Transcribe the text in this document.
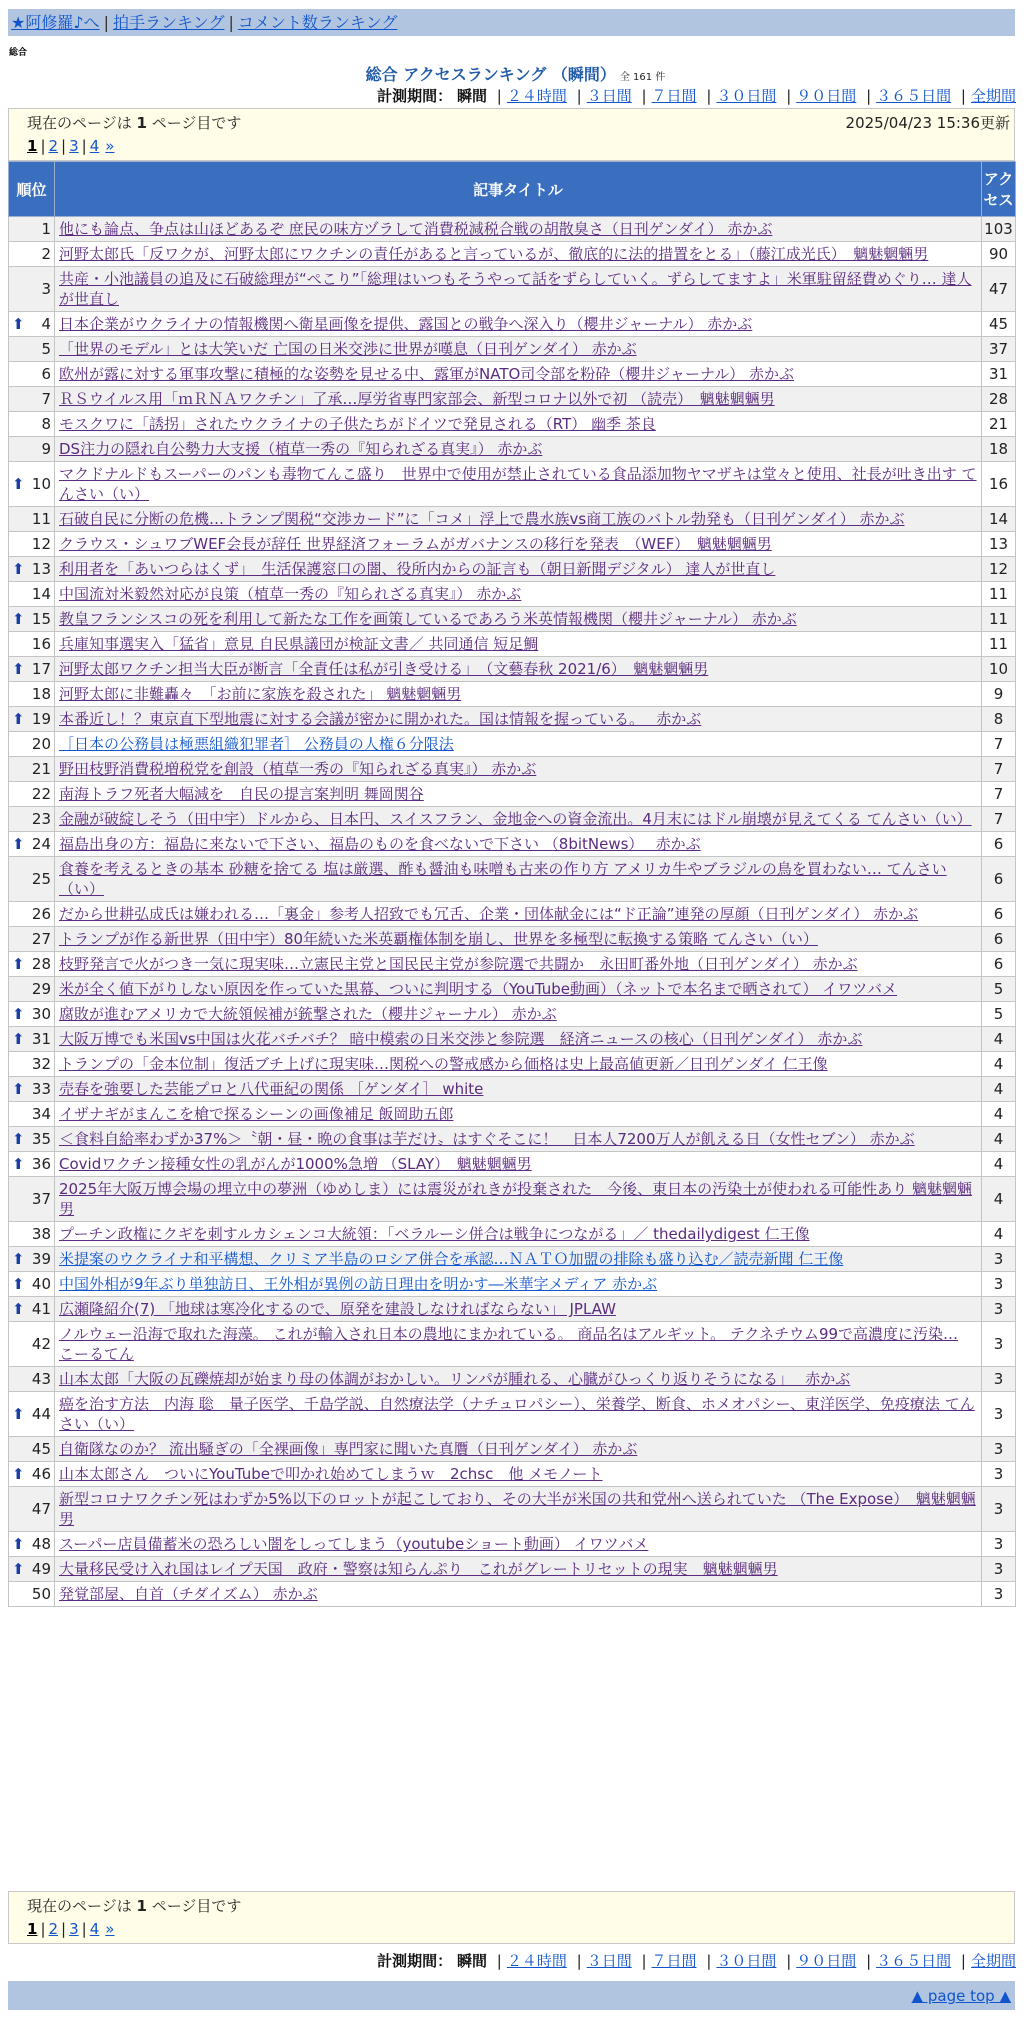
★阿修羅♪へ | 拍手ランキング | コメント数ランキング
総合
総合 アクセスランキング （瞬間） 全 161 件
計測期間： 瞬間 | ２４時間 | ３日間 | ７日間 | ３０日間 | ９０日間 | ３６５日間 | 全期間
現在のページは 1 ページ目です	2025/04/23 15:36更新
1 | 2 | 3 | 4 »
順位	記事タイトル	アクセス
1	他にも論点、争点は山ほどあるぞ 庶民の味方ヅラして消費税減税合戦の胡散臭さ（日刊ゲンダイ） 赤かぶ	103
2	河野太郎氏「反ワクが、河野太郎にワクチンの責任があると言っているが、徹底的に法的措置をとる」（藤江成光氏）　魑魅魍魎男	90
3	共産・小池議員の追及に石破総理が“ぺこり”「総理はいつもそうやって話をずらしていく。ずらしてますよ」米軍駐留経費めぐり… 達人が世直し	47

⬆ 4	日本企業がウクライナの情報機関へ衛星画像を提供、露国との戦争へ深入り（櫻井ジャーナル） 赤かぶ	45
5	「世界のモデル」とは大笑いだ 亡国の日米交渉に世界が嘆息（日刊ゲンダイ） 赤かぶ	37
6	欧州が露に対する軍事攻撃に積極的な姿勢を見せる中、露軍がNATO司令部を粉砕（櫻井ジャーナル） 赤かぶ	31
7	ＲＳウイルス用「ｍＲＮＡワクチン」了承…厚労省専門家部会、新型コロナ以外で初 （読売）　魑魅魍魎男	28
8	モスクワに「誘拐」されたウクライナの子供たちがドイツで発見される（RT） 幽季 茶良	21
9	DS注力の隠れ自公勢力大支援（植草一秀の『知られざる真実』） 赤かぶ	18

⬆ 10	マクドナルドもスーパーのパンも毒物てんこ盛り　世界中で使用が禁止されている食品添加物ヤマザキは堂々と使用、社長が吐き出す てんさい（い）	16
11	石破自民に分断の危機…トランプ関税“交渉カード”に「コメ」浮上で農水族vs商工族のバトル勃発も（日刊ゲンダイ） 赤かぶ	14
12	クラウス・シュワブWEF会長が辞任 世界経済フォーラムがガバナンスの移行を発表　（WEF）　魑魅魍魎男	13

⬆ 13	利用者を「あいつらはくず」　生活保護窓口の闇、役所内からの証言も（朝日新聞デジタル） 達人が世直し	12
14	中国流対米毅然対応が良策（植草一秀の『知られざる真実』） 赤かぶ	11

⬆ 15	教皇フランシスコの死を利用して新たな工作を画策しているであろう米英情報機関（櫻井ジャーナル） 赤かぶ	11
16	兵庫知事選実入「猛省」意見 自民県議団が検証文書／ 共同通信 短足鯛	11

⬆ 17	河野太郎ワクチン担当大臣が断言「全責任は私が引き受ける」　（文藝春秋 2021/6）　魑魅魍魎男	10
18	河野太郎に非難轟々　「お前に家族を殺された」 魑魅魍魎男	9

⬆ 19	本番近し！？東京直下型地震に対する会議が密かに開かれた。国は情報を握っている。　 赤かぶ	8
20	［日本の公務員は極悪組織犯罪者］ 公務員の人権６分限法	7
21	野田枝野消費税増税党を創設（植草一秀の『知られざる真実』） 赤かぶ	7
22	南海トラフ死者大幅減を　自民の提言案判明 舞岡関谷	7
23	金融が破綻しそう（田中宇）ドルから、日本円、スイスフラン、金地金への資金流出。4月末にはドル崩壊が見えてくる てんさい（い）	7

⬆ 24	福島出身の方：福島に来ないで下さい、福島のものを食べないで下さい （8bitNews）　 赤かぶ	6
25	食養を考えるときの基本 砂糖を捨てる 塩は厳選、酢も醤油も味噌も古来の作り方 アメリカ牛やブラジルの鳥を買わない… てんさい（い）	6
26	だから世耕弘成氏は嫌われる…「裏金」参考人招致でも冗舌、企業・団体献金には“ド正論”連発の厚顔（日刊ゲンダイ） 赤かぶ	6
27	トランプが作る新世界（田中宇）80年続いた米英覇権体制を崩し、世界を多極型に転換する策略 てんさい（い）	6

⬆ 28	枝野発言で火がつき一気に現実味…立憲民主党と国民民主党が参院選で共闘か　永田町番外地（日刊ゲンダイ） 赤かぶ	6
29	米が全く値下がりしない原因を作っていた黒幕、ついに判明する（YouTube動画）（ネットで本名まで晒されて） イワツバメ	5

⬆ 30	腐敗が進むアメリカで大統領候補が銃撃された（櫻井ジャーナル） 赤かぶ	5

⬆ 31	大阪万博でも米国vs中国は火花バチバチ？ 暗中模索の日米交渉と参院選　経済ニュースの核心（日刊ゲンダイ） 赤かぶ	4
32	トランプの「金本位制」復活ブチ上げに現実味…関税への警戒感から価格は史上最高値更新／日刊ゲンダイ 仁王像	4

⬆ 33	売春を強要した芸能プロと八代亜紀の関係 ［ゲンダイ］ white	4
34	イザナギがまんこを槍で探るシーンの画像補足 飯岡助五郎	4

⬆ 35	＜食料自給率わずか37%＞〝朝・昼・晩の食事は芋だけ〟はすぐそこに！　日本人7200万人が飢える日（女性セブン） 赤かぶ	4

⬆ 36	Covidワクチン接種女性の乳がんが1000%急増 （SLAY）　魑魅魍魎男	4
37	2025年大阪万博会場の埋立中の夢洲（ゆめしま）には震災がれきが投棄された　今後、東日本の汚染土が使われる可能性あり 魑魅魍魎男	4
38	プーチン政権にクギを刺すルカシェンコ大統領：「ベラルーシ併合は戦争につながる」／ thedailydigest 仁王像	4

⬆ 39	米提案のウクライナ和平構想、クリミア半島のロシア併合を承認…ＮＡＴＯ加盟の排除も盛り込む／読売新聞 仁王像	3

⬆ 40	中国外相が9年ぶり単独訪日、王外相が異例の訪日理由を明かす―米華字メディア 赤かぶ	3

⬆ 41	広瀬隆紹介(7) 「地球は寒冷化するので、原発を建設しなければならない」 JPLAW	3
42	ノルウェー沿海で取れた海藻。 これが輸入され日本の農地にまかれている。 商品名はアルギット。 テクネチウム99で高濃度に汚染… こーるてん	3
43	山本太郎「大阪の瓦礫焼却が始まり母の体調がおかしい。リンパが腫れる、心臓がひっくり返りそうになる」　 赤かぶ	3

⬆ 44	癌を治す方法　内海 聡　量子医学、千島学説、自然療法学（ナチュロパシー）、栄養学、断食、ホメオパシー、東洋医学、免疫療法 てんさい（い）	3
45	自衛隊なのか？ 流出騒ぎの「全裸画像」専門家に聞いた真贋（日刊ゲンダイ） 赤かぶ	3

⬆ 46	山本太郎さん　ついにYouTubeで叩かれ始めてしまうｗ　2chsc　他 メモノート	3
47	新型コロナワクチン死はわずか5%以下のロットが起こしており、その大半が米国の共和党州へ送られていた （The Expose）　魑魅魍魎男	3

⬆ 48	スーパー店員備蓄米の恐ろしい闇をしってしまう（youtubeショート動画） イワツバメ	3

⬆ 49	大量移民受け入れ国はレイプ天国　政府・警察は知らんぷり　これがグレートリセットの現実　魑魅魍魎男	3
50	発覚部屋、自首（チダイズム） 赤かぶ	3
現在のページは 1 ページ目です
1 | 2 | 3 | 4 »
計測期間： 瞬間 | ２４時間 | ３日間 | ７日間 | ３０日間 | ９０日間 | ３６５日間 | 全期間
▲ page top ▲
